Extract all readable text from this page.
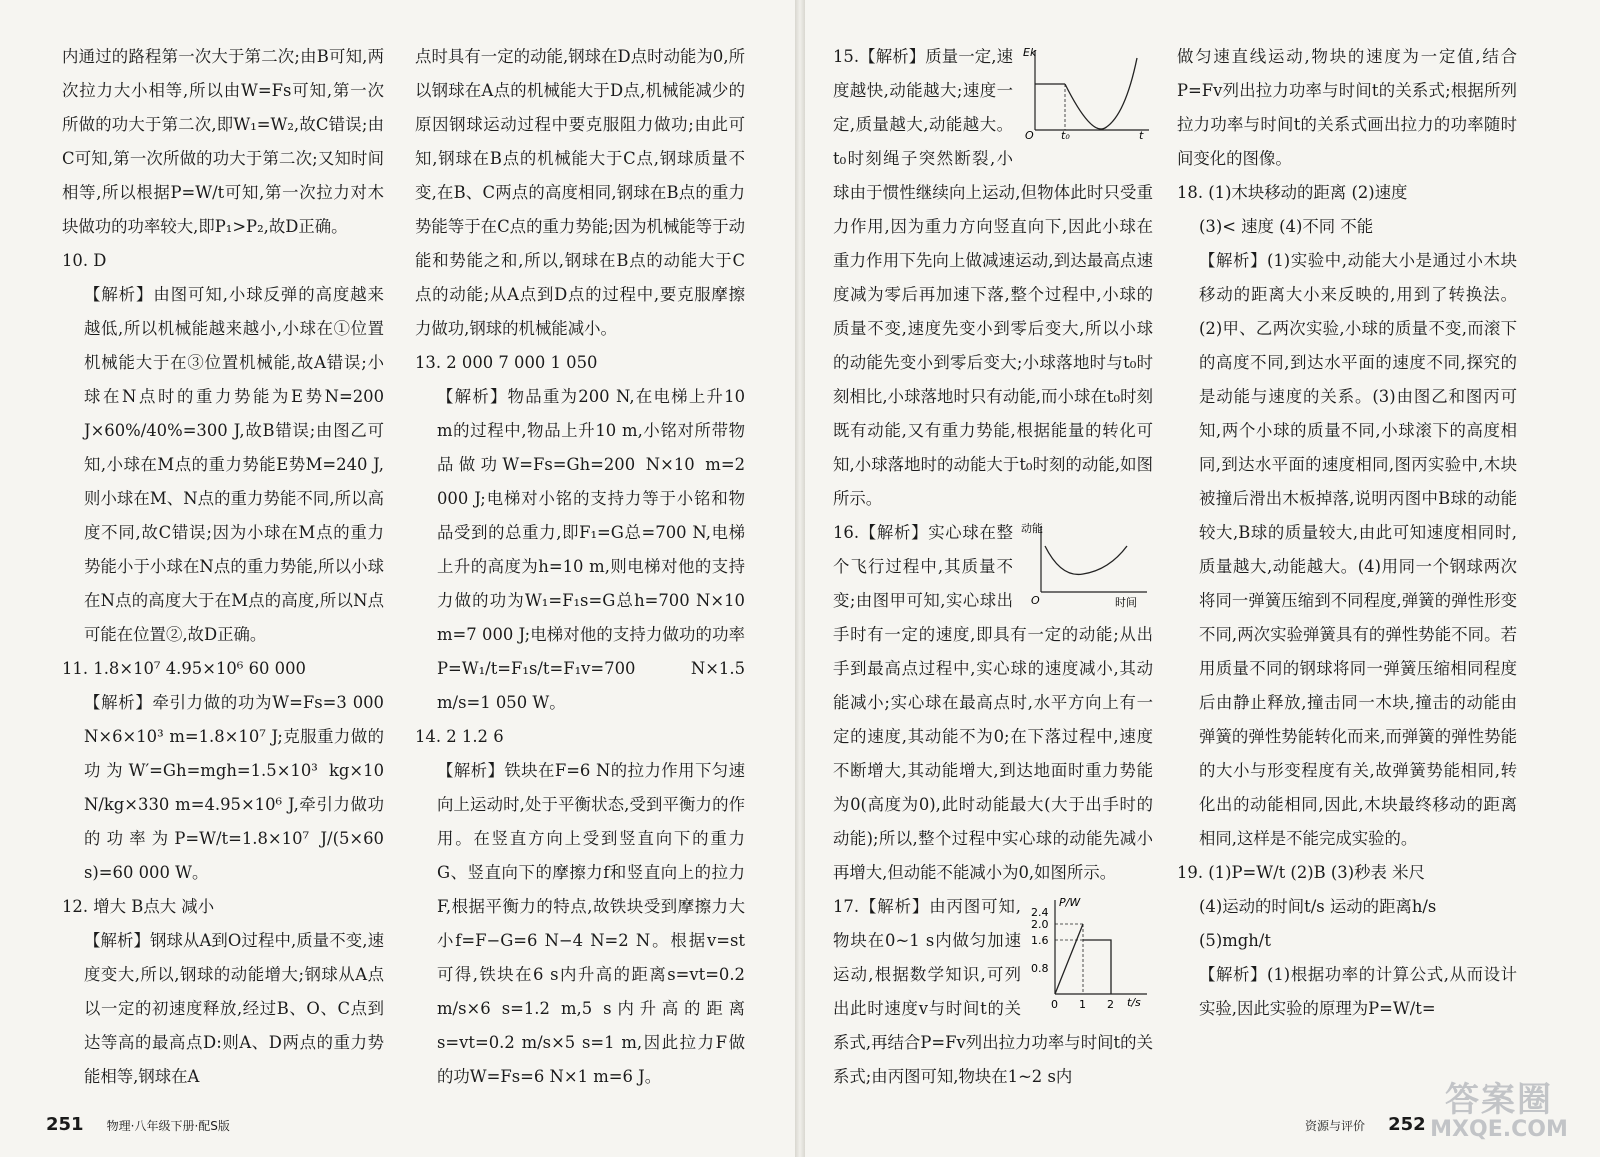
内通过的路程第一次大于第二次;由B可知,两次拉力大小相等,所以由W=Fs可知,第一次所做的功大于第二次,即W₁=W₂,故C错误;由C可知,第一次所做的功大于第二次;又知时间相等,所以根据P=W/t可知,第一次拉力对木块做功的功率较大,即P₁>P₂,故D正确。

10. D

【解析】由图可知,小球反弹的高度越来越低,所以机械能越来越小,小球在①位置机械能大于在③位置机械能,故A错误;小球在N点时的重力势能为E势N=200 J×60%/40%=300 J,故B错误;由图乙可知,小球在M点的重力势能E势M=240 J,则小球在M、N点的重力势能不同,所以高度不同,故C错误;因为小球在M点的重力势能小于小球在N点的重力势能,所以小球在N点的高度大于在M点的高度,所以N点可能在位置②,故D正确。

11. 1.8×10⁷ 4.95×10⁶ 60 000

【解析】牵引力做的功为W=Fs=3 000 N×6×10³ m=1.8×10⁷ J;克服重力做的功为W′=Gh=mgh=1.5×10³ kg×10 N/kg×330 m=4.95×10⁶ J,牵引力做功的功率为P=W/t=1.8×10⁷ J/(5×60 s)=60 000 W。

12. 增大 B点大 减小

【解析】钢球从A到O过程中,质量不变,速度变大,所以,钢球的动能增大;钢球从A点以一定的初速度释放,经过B、O、C点到达等高的最高点D:则A、D两点的重力势能相等,钢球在A

点时具有一定的动能,钢球在D点时动能为0,所以钢球在A点的机械能大于D点,机械能减少的原因钢球运动过程中要克服阻力做功;由此可知,钢球在B点的机械能大于C点,钢球质量不变,在B、C两点的高度相同,钢球在B点的重力势能等于在C点的重力势能;因为机械能等于动能和势能之和,所以,钢球在B点的动能大于C点的动能;从A点到D点的过程中,要克服摩擦力做功,钢球的机械能减小。

13. 2 000 7 000 1 050

【解析】物品重为200 N,在电梯上升10 m的过程中,物品上升10 m,小铭对所带物品做功W=Fs=Gh=200 N×10 m=2 000 J;电梯对小铭的支持力等于小铭和物品受到的总重力,即F₁=G总=700 N,电梯上升的高度为h=10 m,则电梯对他的支持力做的功为W₁=F₁s=G总h=700 N×10 m=7 000 J;电梯对他的支持力做功的功率P=W₁/t=F₁s/t=F₁v=700 N×1.5 m/s=1 050 W。

14. 2 1.2 6

【解析】铁块在F=6 N的拉力作用下匀速向上运动时,处于平衡状态,受到平衡力的作用。在竖直方向上受到竖直向下的重力G、竖直向下的摩擦力f和竖直向上的拉力F,根据平衡力的特点,故铁块受到摩擦力大小f=F−G=6 N−4 N=2 N。根据v=st可得,铁块在6 s内升高的距离s=vt=0.2 m/s×6 s=1.2 m,5 s内升高的距离s=vt=0.2 m/s×5 s=1 m,因此拉力F做的功W=Fs=6 N×1 m=6 J。

251 物理·八年级下册·配S版
Ek
O t₀	t

15.【解析】质量一定,速度越快,动能越大;速度一定,质量越大,动能越大。t₀时刻绳子突然断裂,小球由于惯性继续向上运动,但物体此时只受重力作用,因为重力方向竖直向下,因此小球在重力作用下先向上做减速运动,到达最高点速度减为零后再加速下落,整个过程中,小球的质量不变,速度先变小到零后变大,所以小球的动能先变小到零后变大;小球落地时与t₀时刻相比,小球落地时只有动能,而小球在t₀时刻既有动能,又有重力势能,根据能量的转化可知,小球落地时的动能大于t₀时刻的动能,如图所示。

动能
O	时间

16.【解析】实心球在整个飞行过程中,其质量不变;由图甲可知,实心球出手时有一定的速度,即具有一定的动能;从出手到最高点过程中,实心球的速度减小,其动能减小;实心球在最高点时,水平方向上有一定的速度,其动能不为0;在下落过程中,速度不断增大,其动能增大,到达地面时重力势能为0(高度为0),此时动能最大(大于出手时的动能);所以,整个过程中实心球的动能先减小再增大,但动能不能减小为0,如图所示。

P/W
2.4
2.0
1.6
0.8
0 1 2 t/s

17.【解析】由丙图可知,物块在0~1 s内做匀加速运动,根据数学知识,可列出此时速度v与时间t的关系式,再结合P=Fv列出拉力功率与时间t的关系式;由丙图可知,物块在1~2 s内

做匀速直线运动,物块的速度为一定值,结合P=Fv列出拉力功率与时间t的关系式;根据所列拉力功率与时间t的关系式画出拉力的功率随时间变化的图像。

18. (1)木块移动的距离 (2)速度

(3)< 速度 (4)不同 不能

【解析】(1)实验中,动能大小是通过小木块移动的距离大小来反映的,用到了转换法。(2)甲、乙两次实验,小球的质量不变,而滚下的高度不同,到达水平面的速度不同,探究的是动能与速度的关系。(3)由图乙和图丙可知,两个小球的质量不同,小球滚下的高度相同,到达水平面的速度相同,图丙实验中,木块被撞后滑出木板掉落,说明丙图中B球的动能较大,B球的质量较大,由此可知速度相同时,质量越大,动能越大。(4)用同一个钢球两次将同一弹簧压缩到不同程度,弹簧的弹性形变不同,两次实验弹簧具有的弹性势能不同。若用质量不同的钢球将同一弹簧压缩相同程度后由静止释放,撞击同一木块,撞击的动能由弹簧的弹性势能转化而来,而弹簧的弹性势能的大小与形变程度有关,故弹簧势能相同,转化出的动能相同,因此,木块最终移动的距离相同,这样是不能完成实验的。

19. (1)P=W/t (2)B (3)秒表 米尺

(4)运动的时间t/s 运动的距离h/s

(5)mgh/t

【解析】(1)根据功率的计算公式,从而设计实验,因此实验的原理为P=W/t=

资源与评价 252
答案圈
MXQE.COM
